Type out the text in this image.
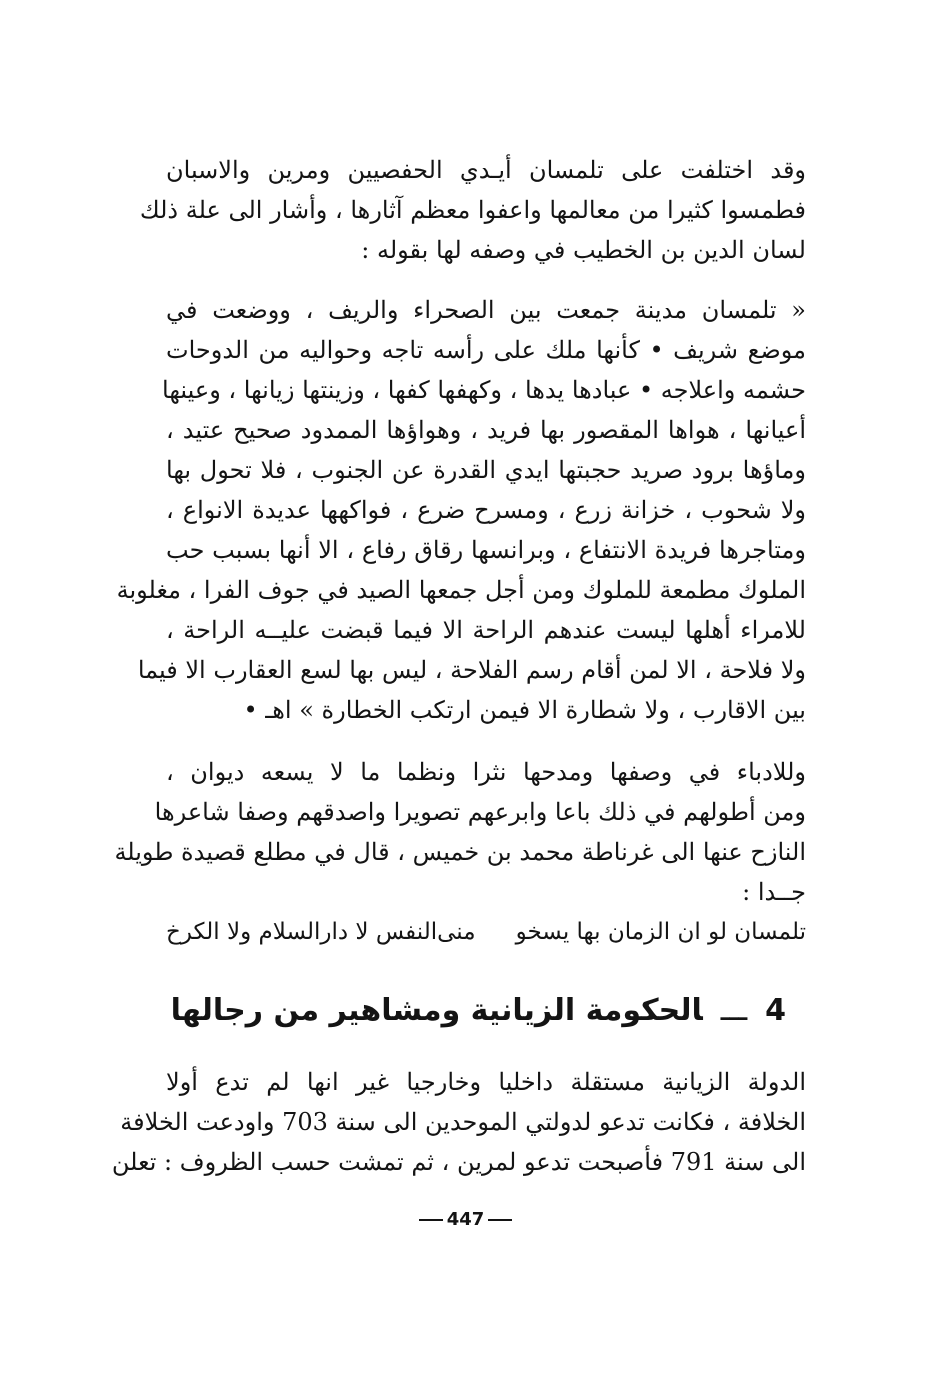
وقد اختلفت على تلمسان أيـدي الحفصيين ومرين والاسبان
فطمسوا كثيرا من معالمها واعفوا معظم آثارها ، وأشار الى علة ذلك
لسان الدين بن الخطيب في وصفه لها بقوله :
« تلمسان مدينة جمعت بين الصحراء والريف ، ووضعت في
موضع شريف • كأنها ملك على رأسه تاجه وحواليه من الدوحات
حشمه واعلاجه • عبادها يدها ، وكهفها كفها ، وزينتها زيانها ، وعينها
أعيانها ، هواها المقصور بها فريد ، وهواؤها الممدود صحيح عتيد ،
وماؤها برود صريد حجبتها ايدي القدرة عن الجنوب ، فلا تحول بها
ولا شحوب ، خزانة زرع ، ومسرح ضرع ، فواكهها عديدة الانواع ،
ومتاجرها فريدة الانتفاع ، وبرانسها رقاق رفاع ، الا أنها بسبب حب
الملوك مطمعة للملوك ومن أجل جمعها الصيد في جوف الفرا ، مغلوبة
للامراء أهلها ليست عندهم الراحة الا فيما قبضت عليــه الراحة ،
ولا فلاحة ، الا لمن أقام رسم الفلاحة ، ليس بها لسع العقارب الا فيما
بين الاقارب ، ولا شطارة الا فيمن ارتكب الخطارة » اهـ •
وللادباء في وصفها ومدحها نثرا ونظما ما لا يسعه ديوان ،
ومن أطولهم في ذلك باعا وابرعهم تصويرا واصدقهم وصفا شاعرها
النازح عنها الى غرناطة محمد بن خميس ، قال في مطلع قصيدة طويلة
جــدا :
تلمسان لو ان الزمان بها يسخو
منى‌النفس لا دارالسلام ولا الكرخ
4ـــالحكومة الزيانية ومشاهير من رجالها
الدولة الزيانية مستقلة داخليا وخارجيا غير انها لم تدع أولا
الخلافة ، فكانت تدعو لدولتي الموحدين الى سنة 703 واودعت الخلافة
الى سنة 791 فأصبحت تدعو لمرين ، ثم تمشت حسب الظروف : تعلن
447
